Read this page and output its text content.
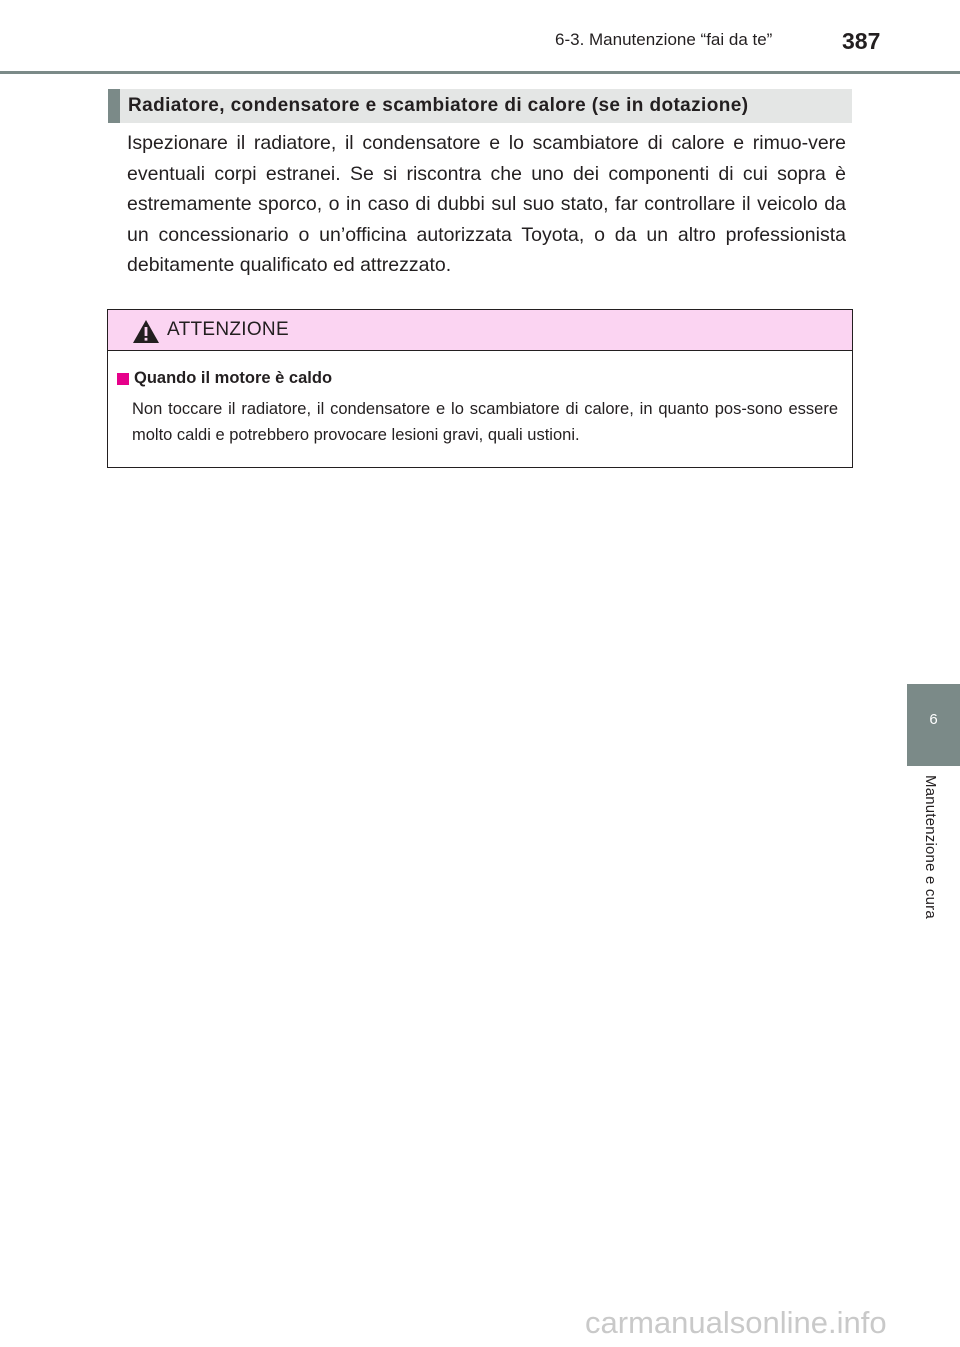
6-3. Manutenzione “fai da te”	387
Radiatore, condensatore e scambiatore di calore (se in dotazione)

Ispezionare il radiatore, il condensatore e lo scambiatore di calore e rimuo-vere eventuali corpi estranei. Se si riscontra che uno dei componenti di cui sopra è estremamente sporco, o in caso di dubbi sul suo stato, far controllare il veicolo da un concessionario o un’officina autorizzata Toyota, o da un altro professionista debitamente qualificato ed attrezzato.

ATTENZIONE
Quando il motore è caldo

Non toccare il radiatore, il condensatore e lo scambiatore di calore, in quanto pos-sono essere molto caldi e potrebbero provocare lesioni gravi, quali ustioni.

6
Manutenzione e cura
carmanualsonline.info
